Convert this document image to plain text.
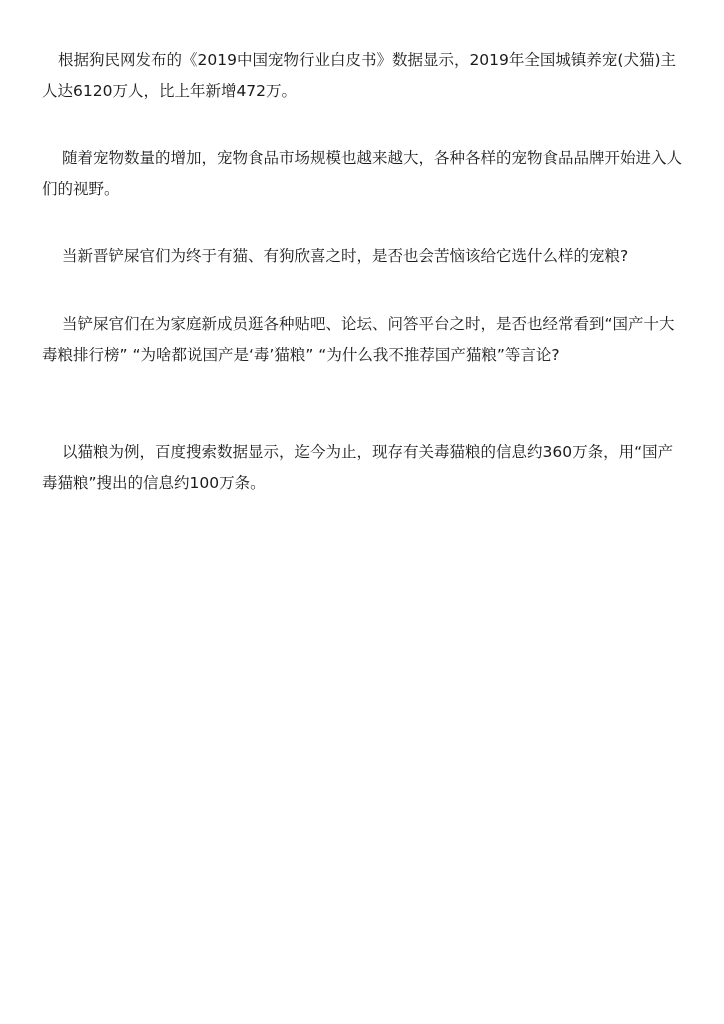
根据狗民网发布的《2019中国宠物行业白皮书》数据显示，2019年全国城镇养宠(犬猫)主人达6120万人，比上年新增472万。

随着宠物数量的增加，宠物食品市场规模也越来越大，各种各样的宠物食品品牌开始进入人们的视野。

当新晋铲屎官们为终于有猫、有狗欣喜之时，是否也会苦恼该给它选什么样的宠粮?

当铲屎官们在为家庭新成员逛各种贴吧、论坛、问答平台之时，是否也经常看到“国产十大毒粮排行榜” “为啥都说国产是‘毒’猫粮” “为什么我不推荐国产猫粮”等言论?

以猫粮为例，百度搜索数据显示，迄今为止，现存有关毒猫粮的信息约360万条，用“国产 毒猫粮”搜出的信息约100万条。
